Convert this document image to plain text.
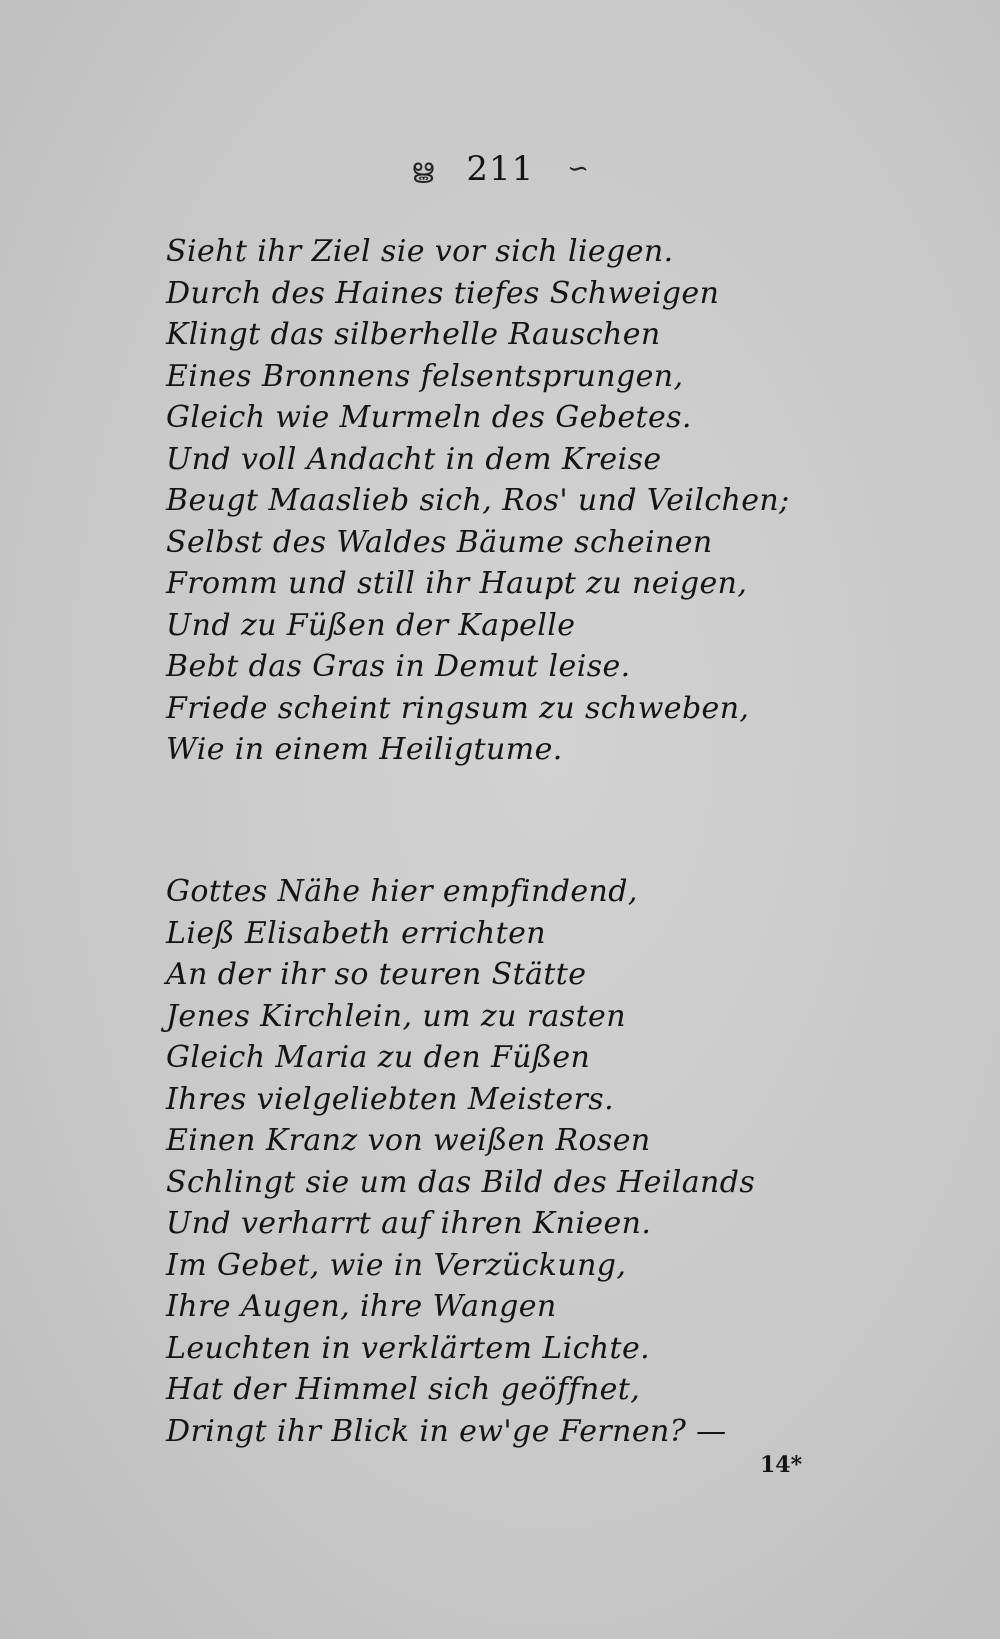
ൠ 211 ∽
Sieht ihr Ziel sie vor sich liegen.
Durch des Haines tiefes Schweigen
Klingt das silberhelle Rauschen
Eines Bronnens felsentsprungen,
Gleich wie Murmeln des Gebetes.
Und voll Andacht in dem Kreise
Beugt Maaslieb sich, Ros' und Veilchen;
Selbst des Waldes Bäume scheinen
Fromm und still ihr Haupt zu neigen,
Und zu Füßen der Kapelle
Bebt das Gras in Demut leise.
Friede scheint ringsum zu schweben,
Wie in einem Heiligtume.
Gottes Nähe hier empfindend,
Ließ Elisabeth errichten
An der ihr so teuren Stätte
Jenes Kirchlein, um zu rasten
Gleich Maria zu den Füßen
Ihres vielgeliebten Meisters.
Einen Kranz von weißen Rosen
Schlingt sie um das Bild des Heilands
Und verharrt auf ihren Knieen.
Im Gebet, wie in Verzückung,
Ihre Augen, ihre Wangen
Leuchten in verklärtem Lichte.
Hat der Himmel sich geöffnet,
Dringt ihr Blick in ew'ge Fernen? —
14*
